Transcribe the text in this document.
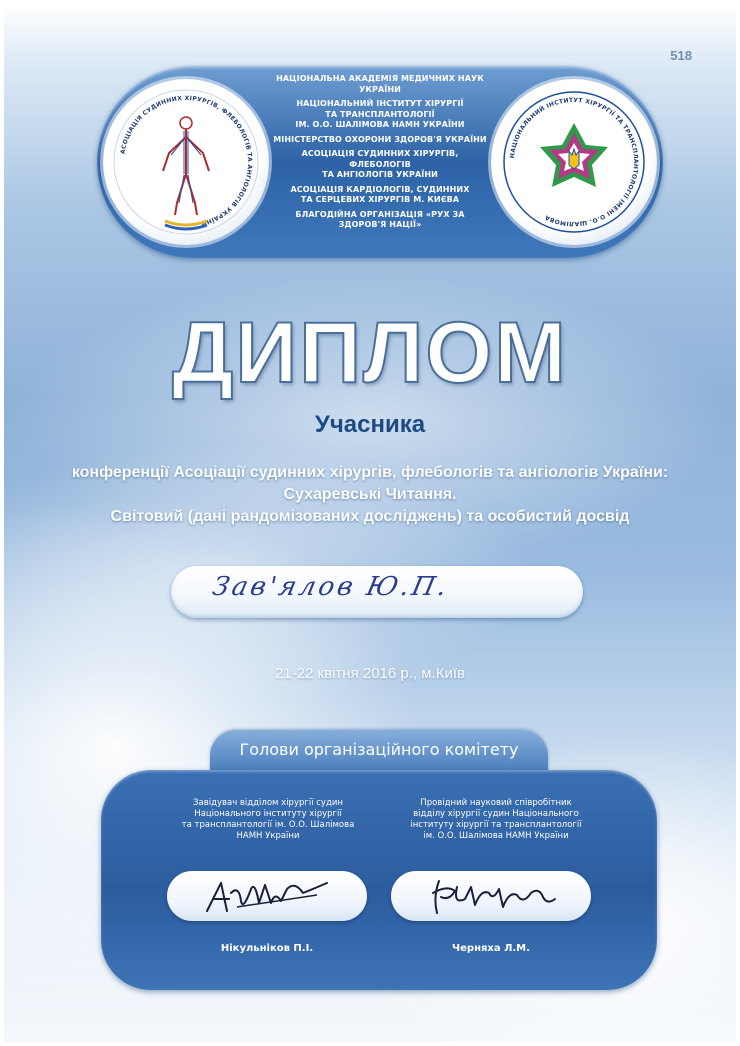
518
АСОЦІАЦІЯ СУДИННИХ ХІРУРГІВ, ФЛЕБОЛОГІВ ТА АНГІОЛОГІВ УКРАЇНИ
НАЦІОНАЛЬНА АКАДЕМІЯ МЕДИЧНИХ НАУК УКРАЇНИ
НАЦІОНАЛЬНИЙ ІНСТИТУТ ХІРУРГІЇ
ТА ТРАНСПЛАНТОЛОГІЇ
ІМ. О.О. ШАЛІМОВА НАМН УКРАЇНИ
МІНІСТЕРСТВО ОХОРОНИ ЗДОРОВ'Я УКРАЇНИ
АСОЦІАЦІЯ СУДИННИХ ХІРУРГІВ, ФЛЕБОЛОГІВ
ТА АНГІОЛОГІВ УКРАЇНИ
АСОЦІАЦІЯ КАРДІОЛОГІВ, СУДИННИХ
ТА СЕРЦЕВИХ ХІРУРГІВ М. КИЄВА
БЛАГОДІЙНА ОРГАНІЗАЦІЯ «РУХ ЗА ЗДОРОВ'Я НАЦІЇ»
НАЦІОНАЛЬНИЙ ІНСТИТУТ ХІРУРГІЇ ТА ТРАНСПЛАНТОЛОГІЇ ІМЕНІ О.О. ШАЛІМОВА
ДИПЛОМ
Учасника
конференції Асоціації судинних хірургів, флебологів та ангіологів України:
Сухаревські Читання.
Світовий (дані рандомізованих досліджень) та особистий досвід
Зав'ялов Ю.П.
21-22 квітня 2016 р., м.Київ
Голови організаційного комітету
Завідувач відділом хірургії судин
Національного інституту хірургії
та трансплантології ім. О.О. Шалімова
НАМН України
Провідний науковий співробітник
відділу хірургії судин Національного
інституту хірургії та трансплантології
ім. О.О. Шалімова НАМН України
Нікульніков П.І.	Черняха Л.М.
